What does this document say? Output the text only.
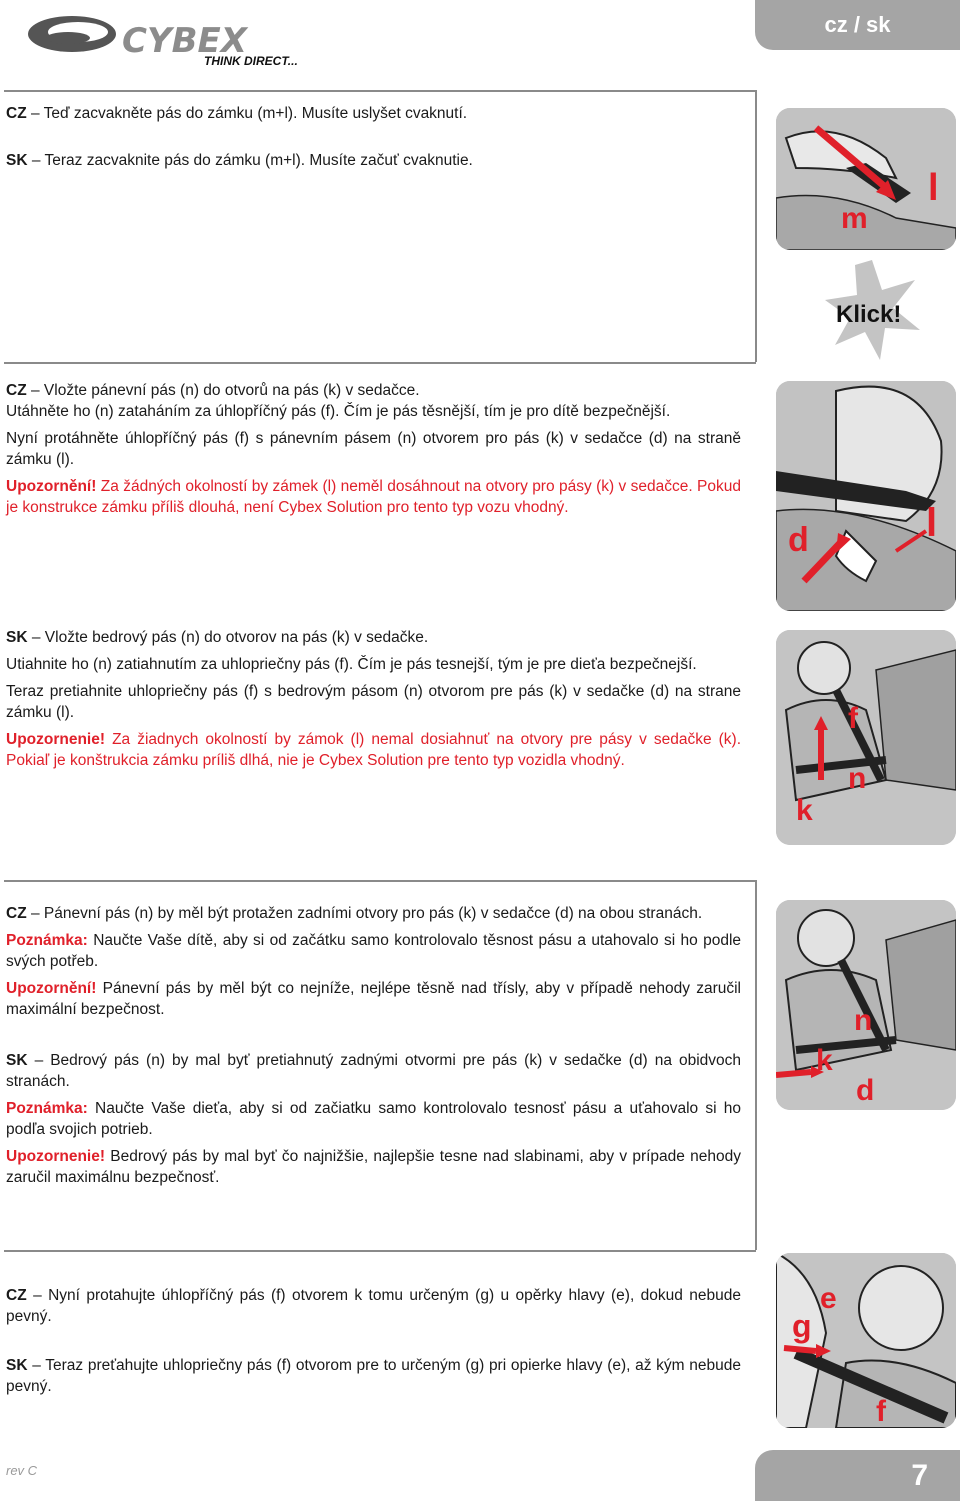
CYBEX
THINK DIRECT...
cz / sk

CZ – Teď zacvakněte pás do zámku (m+l). Musíte uslyšet cvaknutí.

SK – Teraz zacvaknite pás do zámku (m+l). Musíte začuť cvaknutie.

CZ – Vložte pánevní pás (n) do otvorů na pás (k) v sedačce.

Utáhněte ho (n) zataháním za úhlopříčný pás (f). Čím je pás těsnější, tím je pro dítě bezpečnější.

Nyní protáhněte úhlopříčný pás (f) s pánevním pásem (n) otvorem pro pás (k) v sedačce (d) na straně zámku (l).

Upozornění! Za žádných okolností by zámek (l) neměl dosáhnout na otvory pro pásy (k) v sedačce. Pokud je konstrukce zámku příliš dlouhá, není Cybex Solution pro tento typ vozu vhodný.

SK – Vložte bedrový pás (n) do otvorov na pás (k) v sedačke.

Utiahnite ho (n) zatiahnutím za uhlopriečny pás (f). Čím je pás tesnejší, tým je pre dieťa bezpečnejší.

Teraz pretiahnite uhlopriečny pás (f) s bedrovým pásom (n) otvorom pre pás (k) v sedačke (d) na strane zámku (l).

Upozornenie! Za žiadnych okolností by zámok (l) nemal dosiahnuť na otvory pre pásy v sedačke (k). Pokiaľ je konštrukcia zámku príliš dlhá, nie je Cybex Solution pre tento typ vozidla vhodný.

CZ – Pánevní pás (n) by měl být protažen zadními otvory pro pás (k) v sedačce (d) na obou stranách.

Poznámka: Naučte Vaše dítě, aby si od začátku samo kontrolovalo těsnost pásu a utahovalo si ho podle svých potřeb.

Upozornění! Pánevní pás by měl být co nejníže, nejlépe těsně nad třísly, aby v případě nehody zaručil maximální bezpečnost.

SK – Bedrový pás (n) by mal byť pretiahnutý zadnými otvormi pre pás (k) v sedačke (d) na obidvoch stranách.

Poznámka: Naučte Vaše dieťa, aby si od začiatku samo kontrolovalo tesnosť pásu a uťahovalo si ho podľa svojich potrieb.

Upozornenie! Bedrový pás by mal byť čo najnižšie, najlepšie tesne nad slabinami, aby v prípade nehody zaručil maximálnu bezpečnosť.

CZ – Nyní protahujte úhlopříčný pás (f) otvorem k tomu určeným (g) u opěrky hlavy (e), dokud nebude pevný.

SK – Teraz preťahujte uhlopriečny pás (f) otvorom pre to určeným (g) pri opierke hlavy (e), až kým nebude pevný.

m
l
Klick!
d	l
f
n
k
k
n
d
e
g
f
rev C	7
